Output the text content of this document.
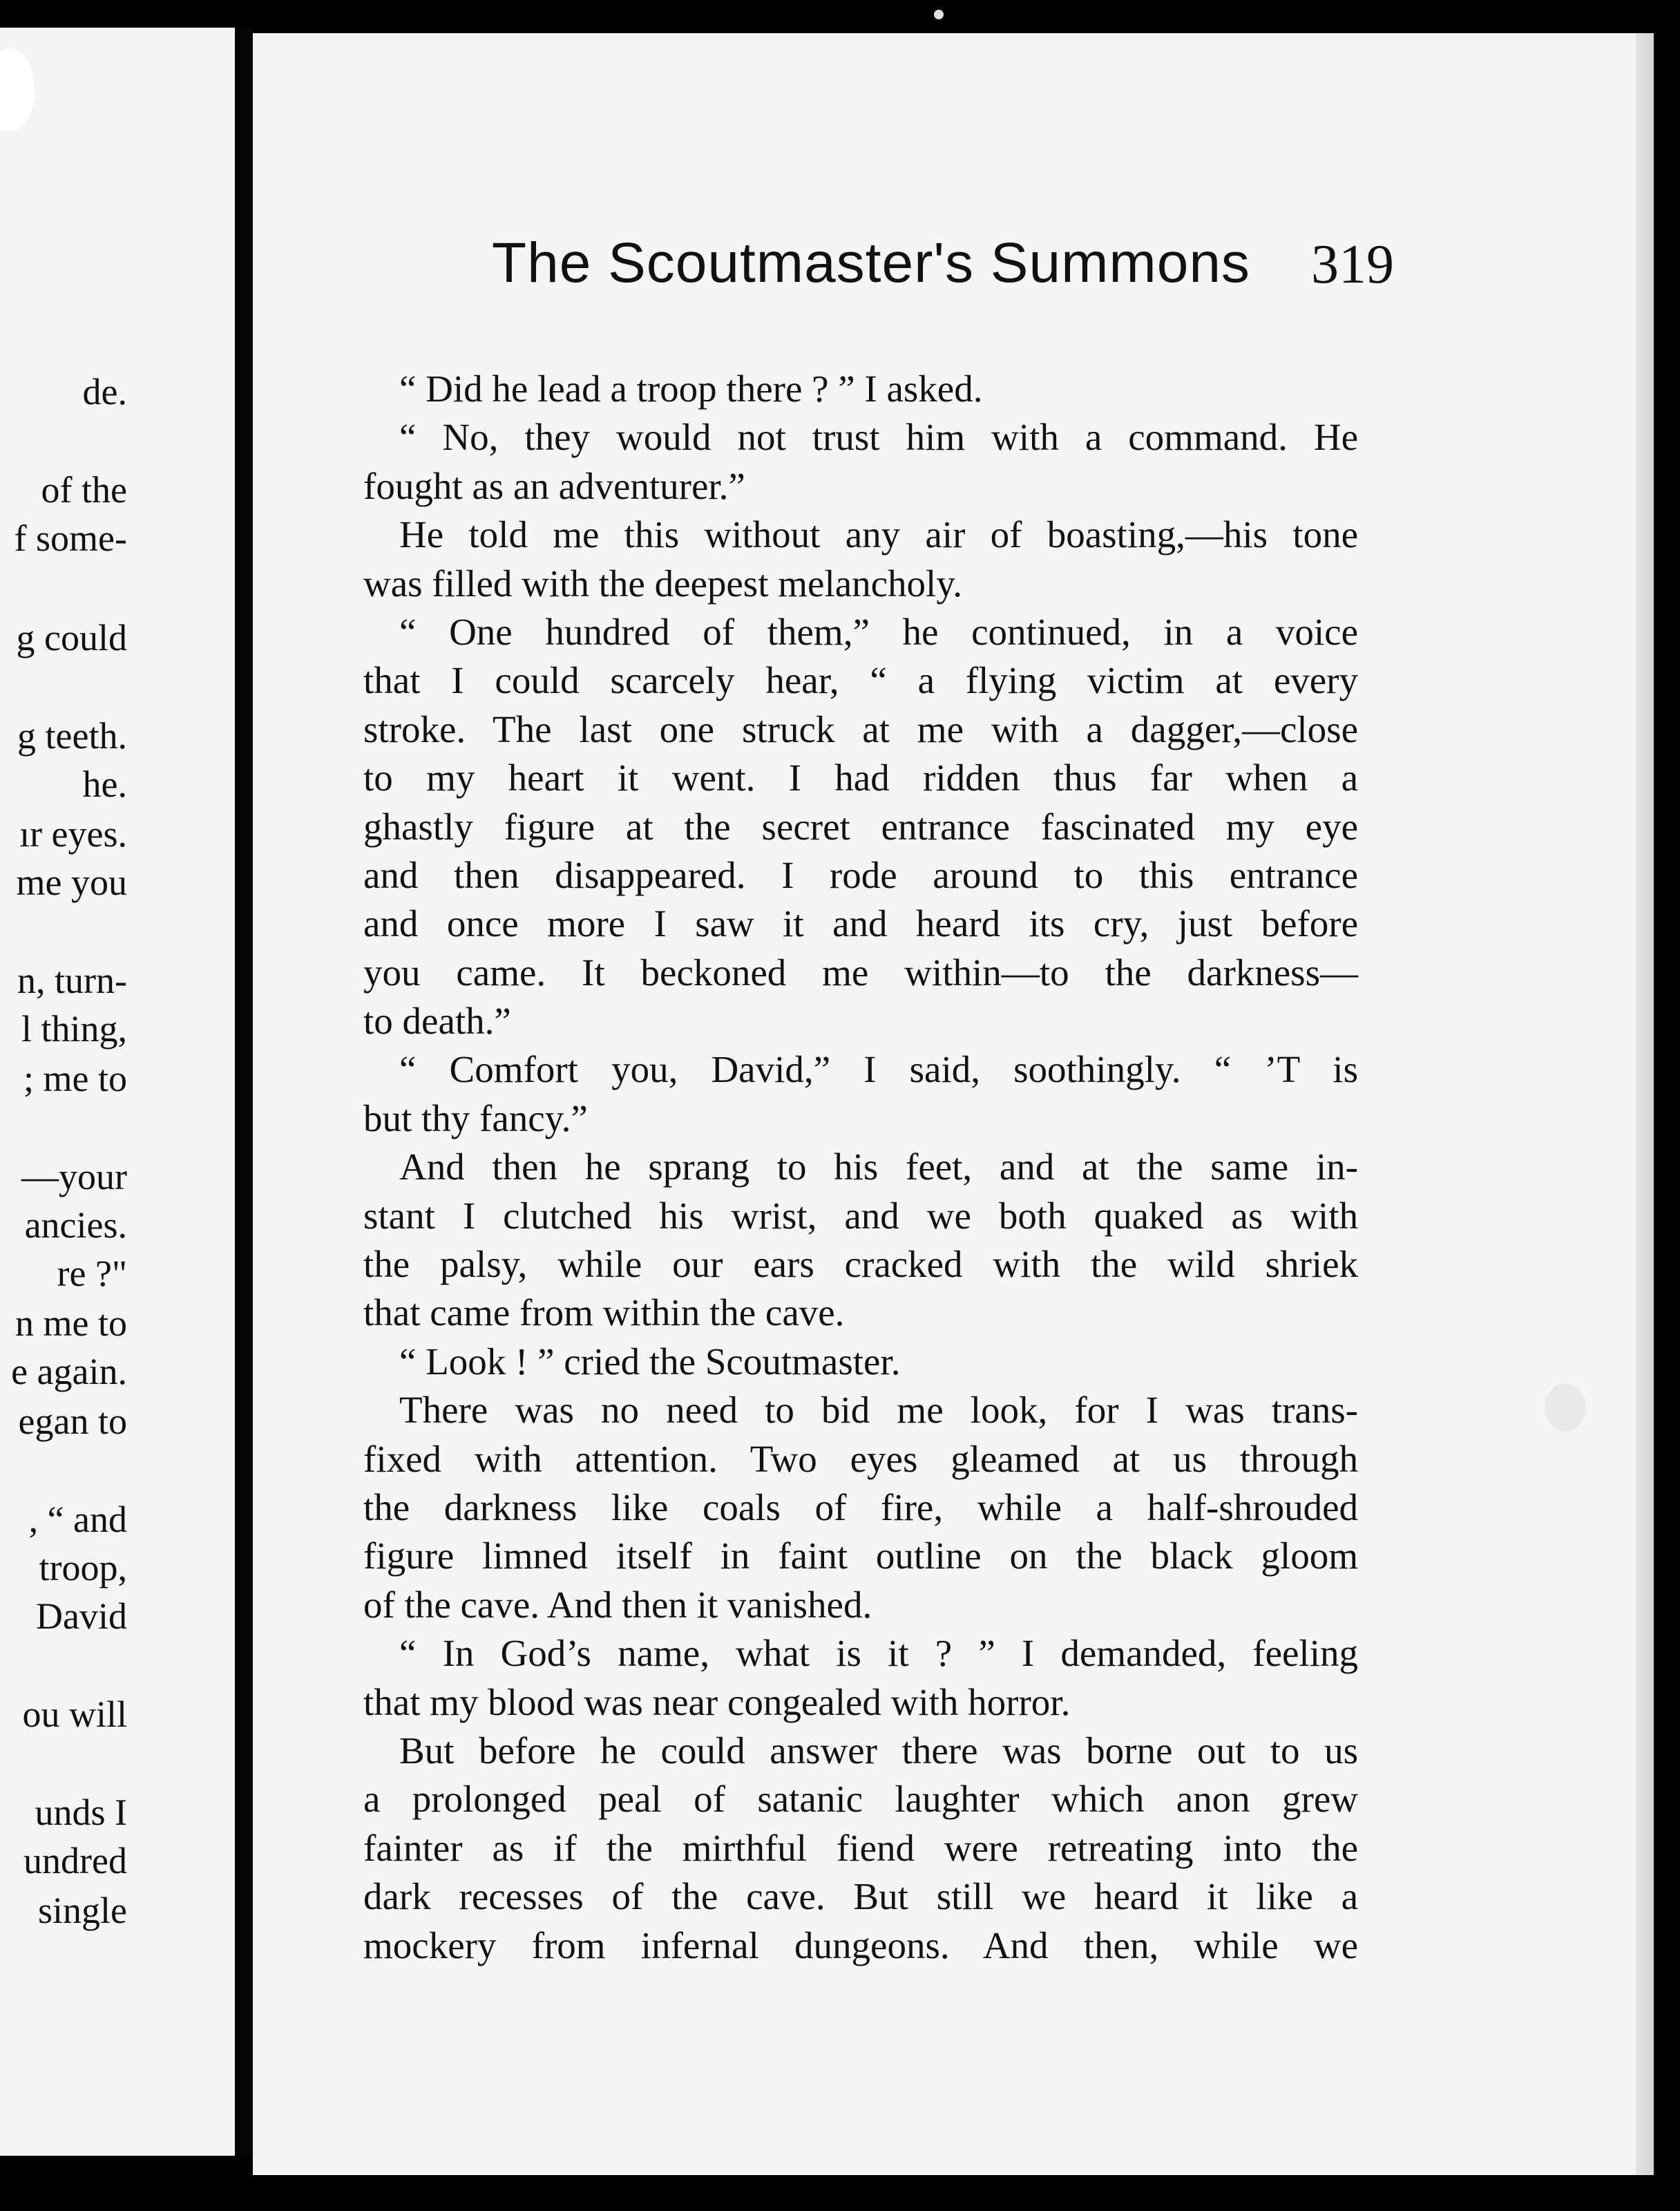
de.
of the
f some-
g could
g teeth.
he.
ır eyes.
me you
n, turn-
l thing,
; me to
—your
ancies.
re ?"
n me to
e again.
egan to
, “ and
troop,
David
ou will
unds I
undred
single
The Scoutmaster's Summons 319
“ Did he lead a troop there ? ” I asked.
“ No, they would not trust him with a command. He
fought as an adventurer.”
He told me this without any air of boasting,—his tone
was filled with the deepest melancholy.
“ One hundred of them,” he continued, in a voice
that I could scarcely hear, “ a flying victim at every
stroke. The last one struck at me with a dagger,—close
to my heart it went. I had ridden thus far when a
ghastly figure at the secret entrance fascinated my eye
and then disappeared. I rode around to this entrance
and once more I saw it and heard its cry, just before
you came. It beckoned me within—to the darkness—
to death.”
“ Comfort you, David,” I said, soothingly. “ ’T is
but thy fancy.”
And then he sprang to his feet, and at the same in-
stant I clutched his wrist, and we both quaked as with
the palsy, while our ears cracked with the wild shriek
that came from within the cave.
“ Look ! ” cried the Scoutmaster.
There was no need to bid me look, for I was trans-
fixed with attention. Two eyes gleamed at us through
the darkness like coals of fire, while a half-shrouded
figure limned itself in faint outline on the black gloom
of the cave. And then it vanished.
“ In God’s name, what is it ? ” I demanded, feeling
that my blood was near congealed with horror.
But before he could answer there was borne out to us
a prolonged peal of satanic laughter which anon grew
fainter as if the mirthful fiend were retreating into the
dark recesses of the cave. But still we heard it like a
mockery from infernal dungeons. And then, while we
